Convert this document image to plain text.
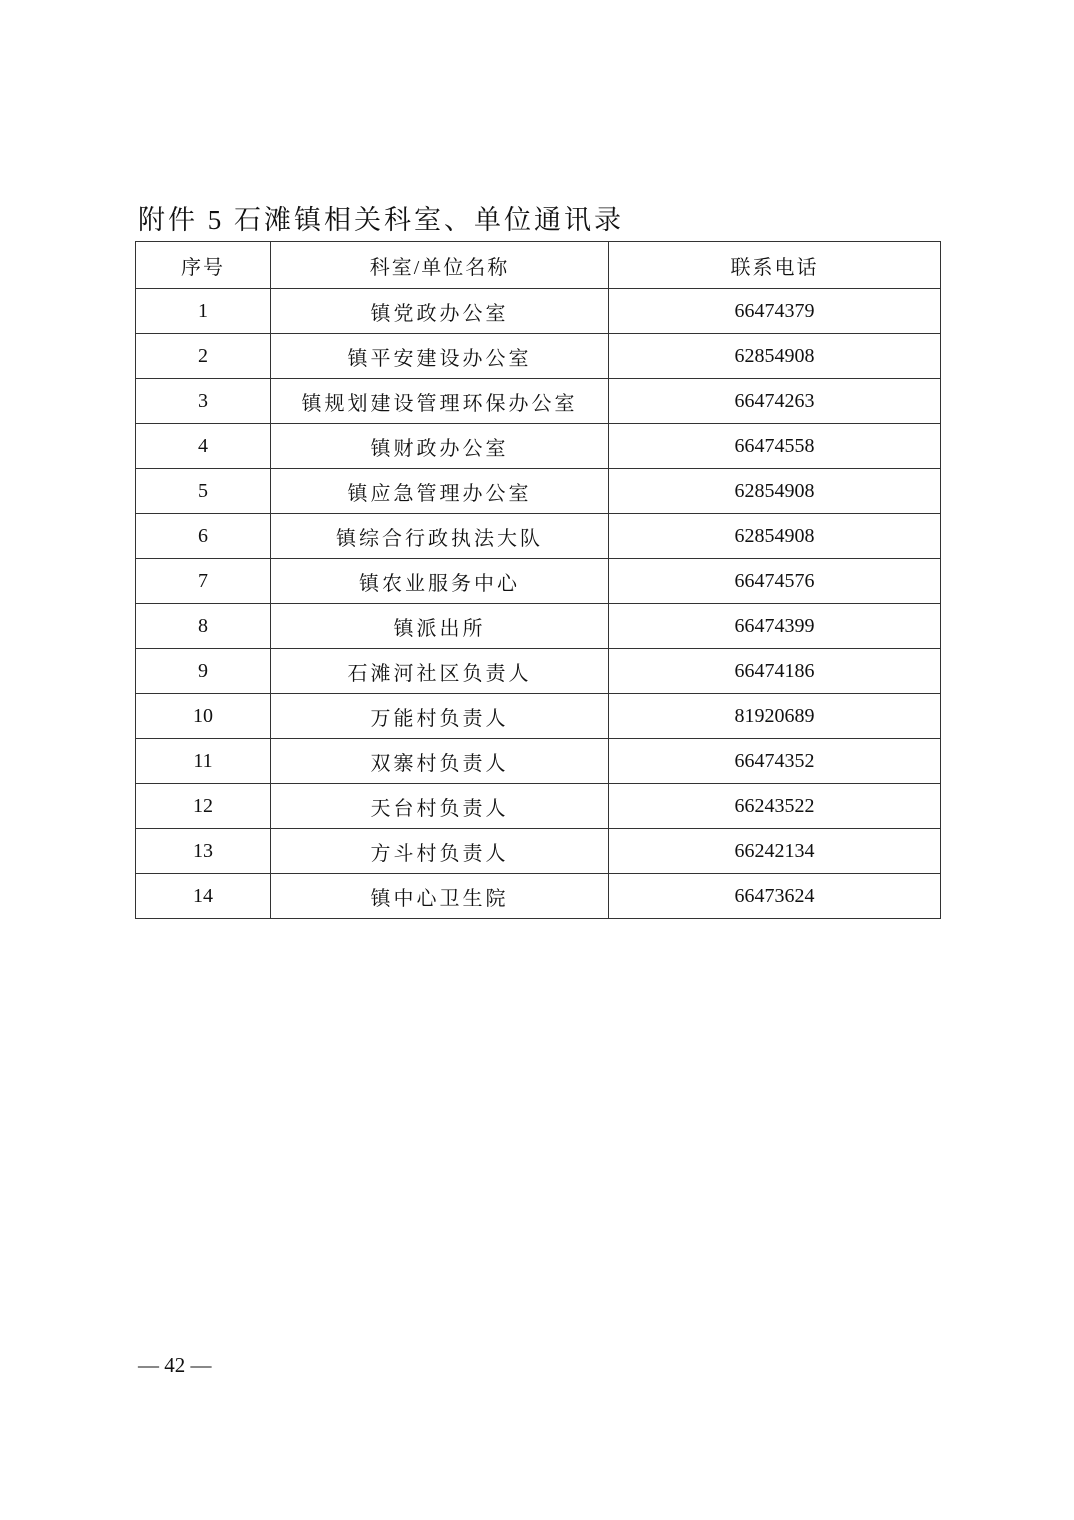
附件 5 石滩镇相关科室、单位通讯录
序号	科室/单位名称	联系电话
1	镇党政办公室	66474379
2	镇平安建设办公室	62854908
3	镇规划建设管理环保办公室	66474263
4	镇财政办公室	66474558
5	镇应急管理办公室	62854908
6	镇综合行政执法大队	62854908
7	镇农业服务中心	66474576
8	镇派出所	66474399
9	石滩河社区负责人	66474186
10	万能村负责人	81920689
11	双寨村负责人	66474352
12	天台村负责人	66243522
13	方斗村负责人	66242134
14	镇中心卫生院	66473624
— 42 —
